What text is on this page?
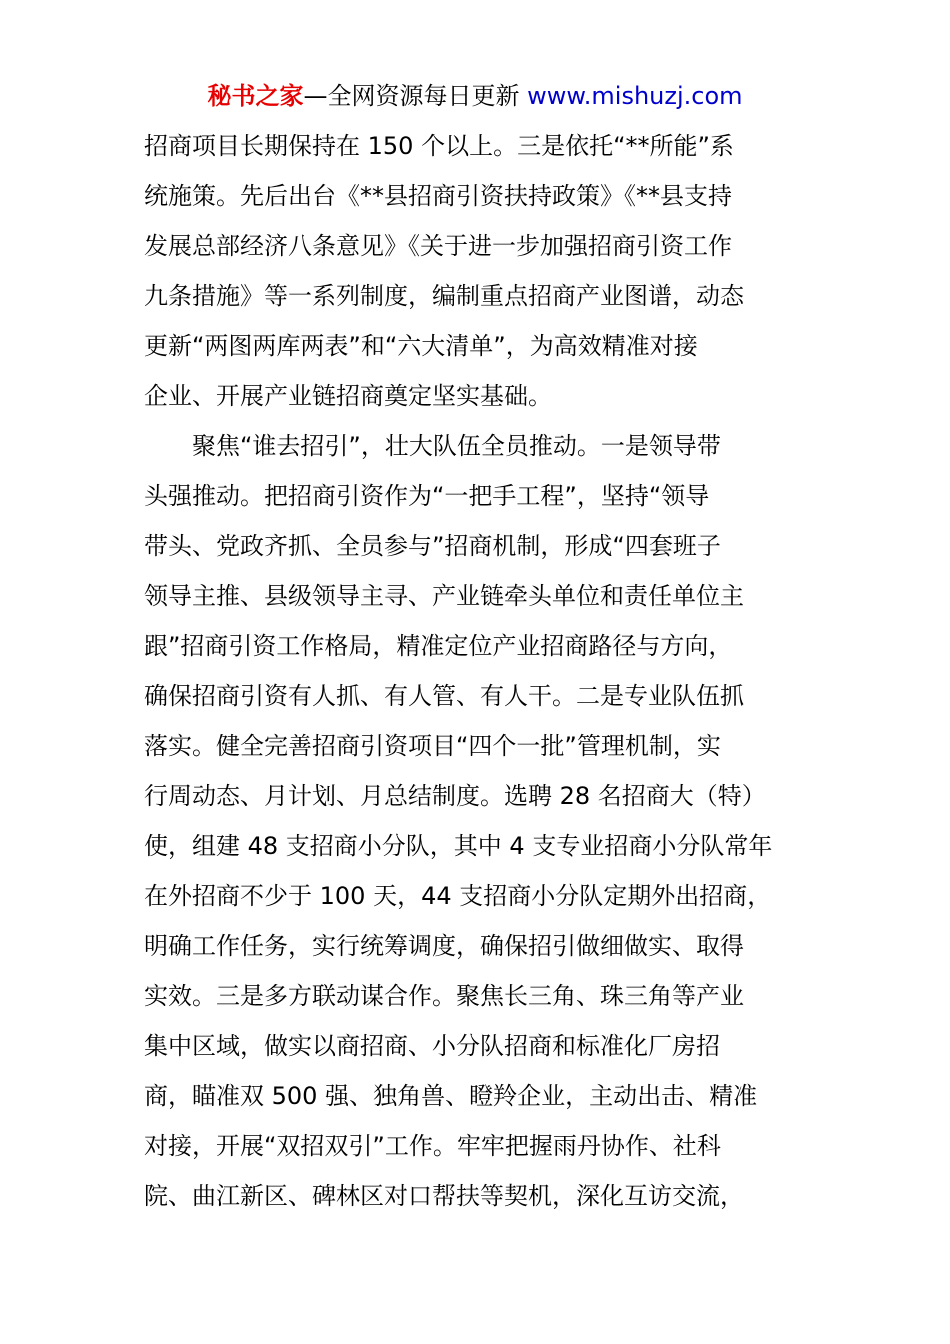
秘书之家—全网资源每日更新 www.mishuzj.com
招商项目长期保持在 150 个以上。三是依托“**所能”系
统施策。先后出台《**县招商引资扶持政策》《**县支持
发展总部经济八条意见》《关于进一步加强招商引资工作
九条措施》等一系列制度，编制重点招商产业图谱，动态
更新“两图两库两表”和“六大清单”，为高效精准对接
企业、开展产业链招商奠定坚实基础。
　　聚焦“谁去招引”，壮大队伍全员推动。一是领导带
头强推动。把招商引资作为“一把手工程”，坚持“领导
带头、党政齐抓、全员参与”招商机制，形成“四套班子
领导主推、县级领导主寻、产业链牵头单位和责任单位主
跟”招商引资工作格局，精准定位产业招商路径与方向，
确保招商引资有人抓、有人管、有人干。二是专业队伍抓
落实。健全完善招商引资项目“四个一批”管理机制，实
行周动态、月计划、月总结制度。选聘 28 名招商大（特）
使，组建 48 支招商小分队，其中 4 支专业招商小分队常年
在外招商不少于 100 天，44 支招商小分队定期外出招商，
明确工作任务，实行统筹调度，确保招引做细做实、取得
实效。三是多方联动谋合作。聚焦长三角、珠三角等产业
集中区域，做实以商招商、小分队招商和标准化厂房招
商，瞄准双 500 强、独角兽、瞪羚企业，主动出击、精准
对接，开展“双招双引”工作。牢牢把握雨丹协作、社科
院、曲江新区、碑林区对口帮扶等契机，深化互访交流，
